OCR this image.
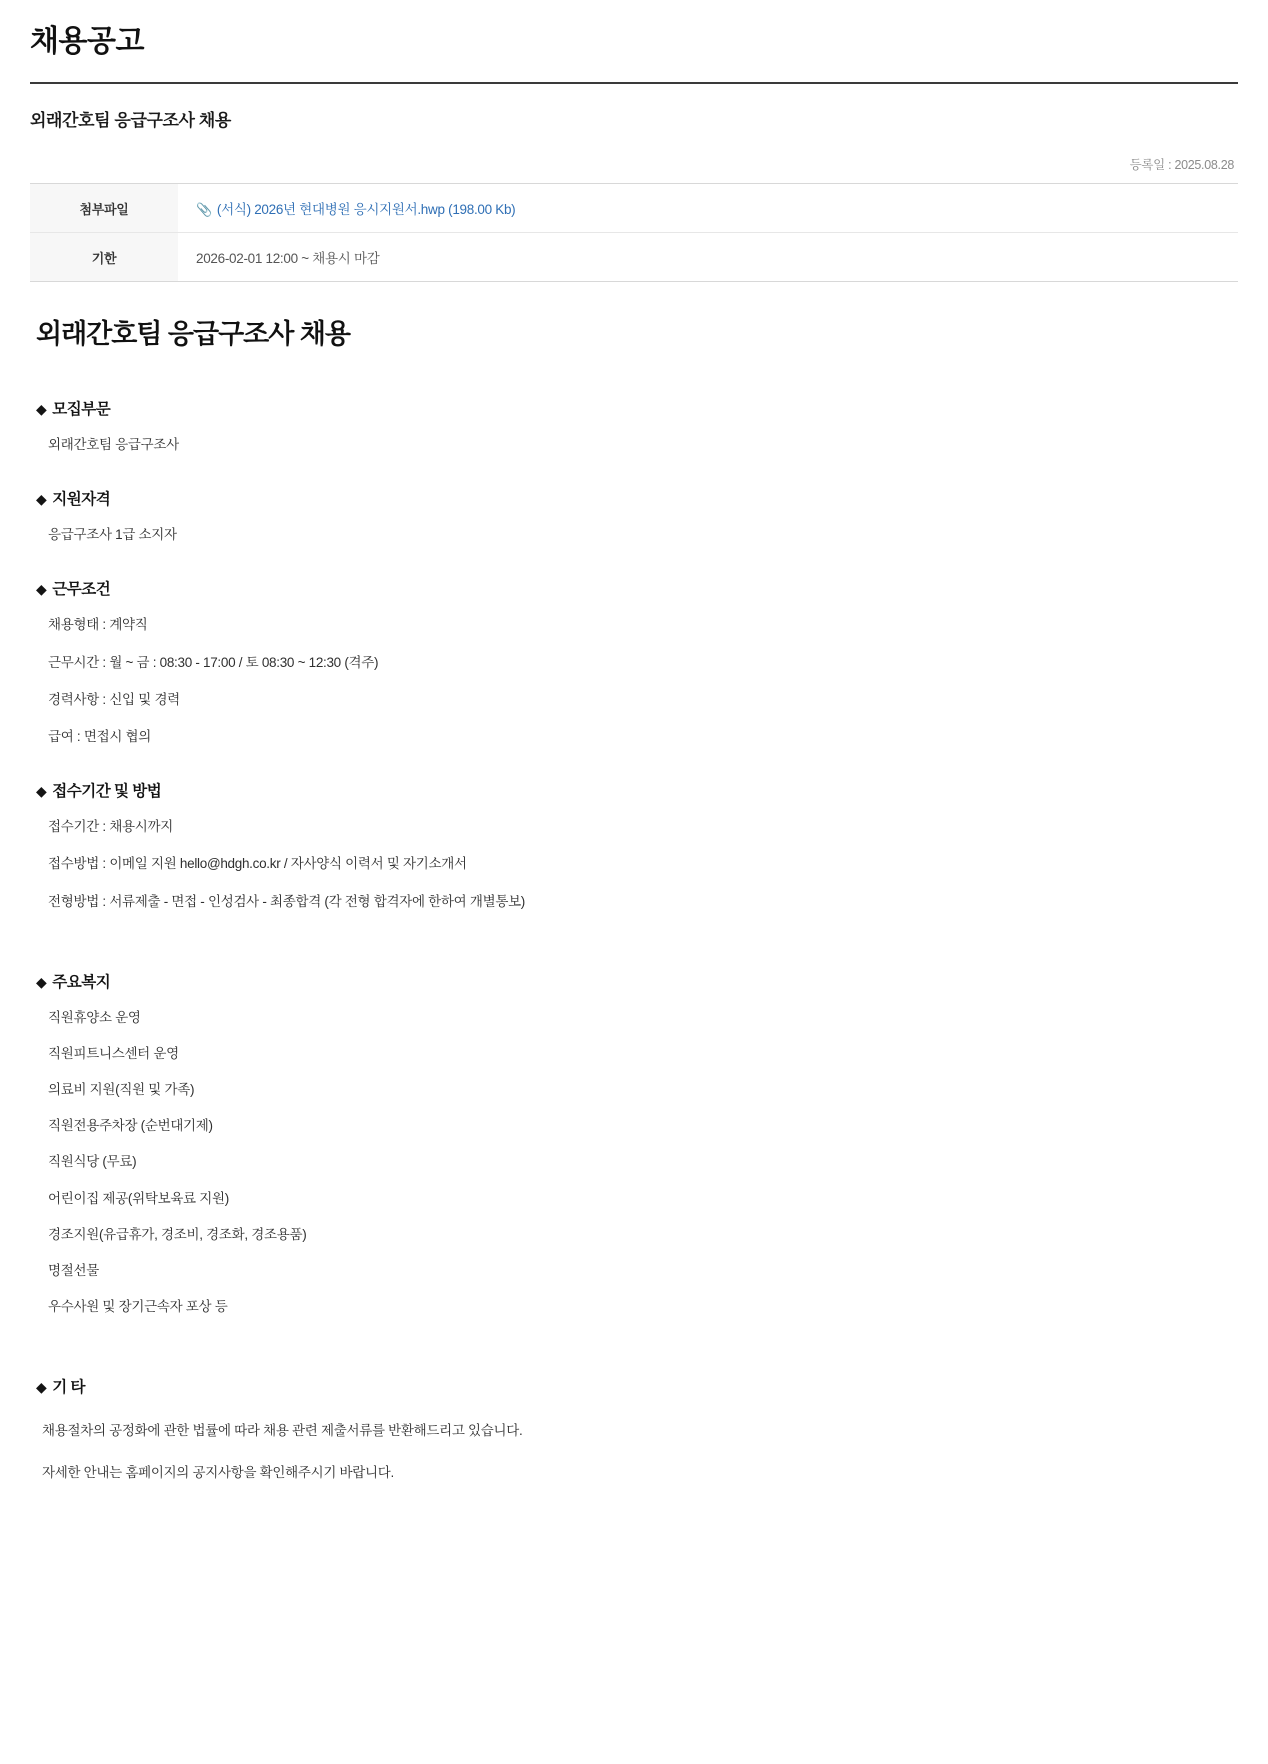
채용공고
외래간호팀 응급구조사 채용
등록일 : 2025.08.28
첨부파일	📎 (서식) 2026년 현대병원 응시지원서.hwp (198.00 Kb)
기한	2026-02-01 12:00 ~ 채용시 마감
외래간호팀 응급구조사 채용
◆ 모집부문

외래간호팀 응급구조사

◆ 지원자격

응급구조사 1급 소지자

◆ 근무조건

채용형태 : 계약직

근무시간 : 월 ~ 금 : 08:30 - 17:00 / 토 08:30 ~ 12:30 (격주)

경력사항 : 신입 및 경력

급여 : 면접시 협의

◆ 접수기간 및 방법

접수기간 : 채용시까지

접수방법 : 이메일 지원 hello@hdgh.co.kr / 자사양식 이력서 및 자기소개서

전형방법 : 서류제출 - 면접 - 인성검사 - 최종합격 (각 전형 합격자에 한하여 개별통보)

◆ 주요복지

직원휴양소 운영

직원피트니스센터 운영

의료비 지원(직원 및 가족)

직원전용주차장 (순번대기제)

직원식당 (무료)

어린이집 제공(위탁보육료 지원)

경조지원(유급휴가, 경조비, 경조화, 경조용품)

명절선물

우수사원 및 장기근속자 포상 등

◆ 기 타

채용절차의 공정화에 관한 법률에 따라 채용 관련 제출서류를 반환해드리고 있습니다.

자세한 안내는 홈페이지의 공지사항을 확인해주시기 바랍니다.
